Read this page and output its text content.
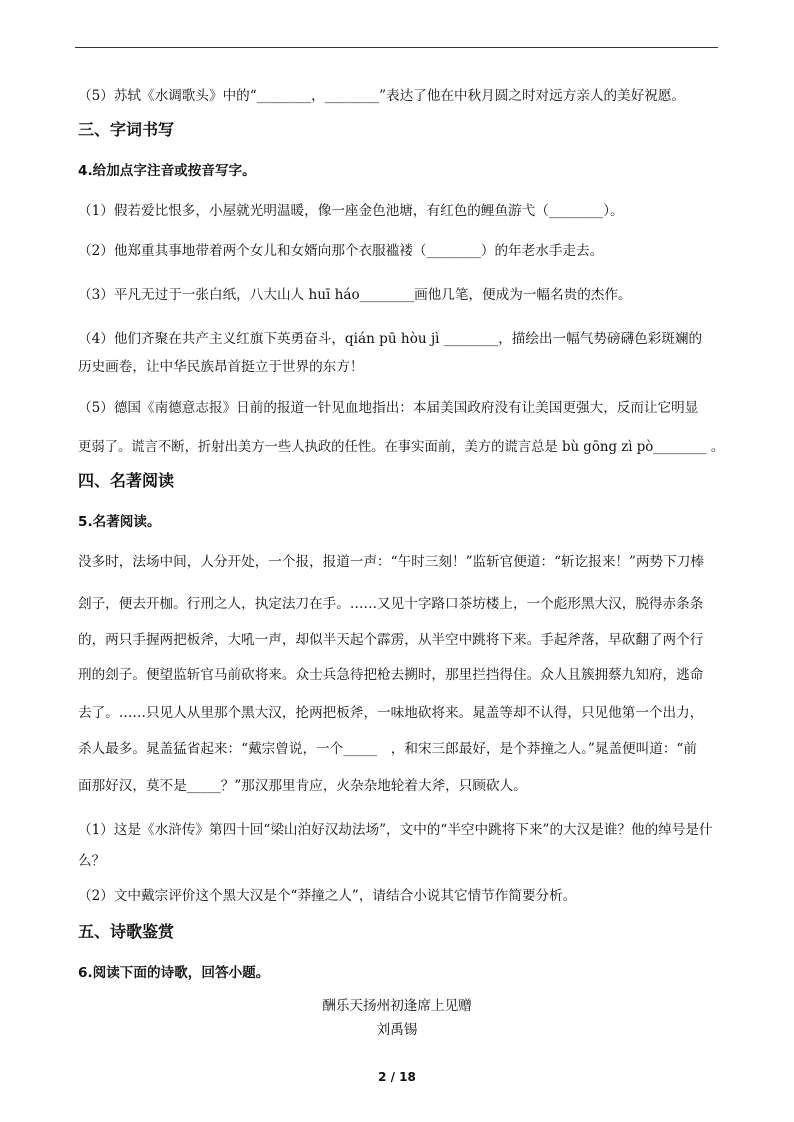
（5）苏轼《水调歌头》中的“________，________”表达了他在中秋月圆之时对远方亲人的美好祝愿。
三、字词书写
4.给加点字注音或按音写字。
（1）假若爱比恨多，小屋就光明温暖，像一座金色池塘，有红色的鲤鱼游弋（________）。
（2）他郑重其事地带着两个女儿和女婿向那个衣服褴褛（________）的年老水手走去。
（3）平凡无过于一张白纸，八大山人 huī háo________画他几笔，便成为一幅名贵的杰作。
（4）他们齐聚在共产主义红旗下英勇奋斗，qián pū hòu jì ________，描绘出一幅气势磅礴色彩斑斓的
历史画卷，让中华民族昂首挺立于世界的东方！
（5）德国《南德意志报》日前的报道一针见血地指出：本届美国政府没有让美国更强大，反而让它明显
更弱了。谎言不断，折射出美方一些人执政的任性。在事实面前，美方的谎言总是 bù gōng zì pò________ 。
四、名著阅读
5.名著阅读。
没多时，法场中间，人分开处，一个报，报道一声：“午时三刻！”监斩官便道：“斩讫报来！”两势下刀棒
刽子，便去开枷。行刑之人，执定法刀在手。……又见十字路口茶坊楼上，一个彪形黑大汉，脱得赤条条
的，两只手握两把板斧，大吼一声，却似半天起个霹雳，从半空中跳将下来。手起斧落，早砍翻了两个行
刑的刽子。便望监斩官马前砍将来。众士兵急待把枪去搠时，那里拦挡得住。众人且簇拥蔡九知府，逃命
去了。……只见人从里那个黑大汉，抡两把板斧，一味地砍将来。晁盖等却不认得，只见他第一个出力，
杀人最多。晁盖猛省起来：“戴宗曾说，一个_____　，和宋三郎最好，是个莽撞之人。”晁盖便叫道：“前
面那好汉，莫不是_____？”那汉那里肯应，火杂杂地轮着大斧，只顾砍人。
（1）这是《水浒传》第四十回“梁山泊好汉劫法场”，文中的“半空中跳将下来”的大汉是谁？他的绰号是什
么？
（2）文中戴宗评价这个黑大汉是个“莽撞之人”，请结合小说其它情节作简要分析。
五、诗歌鉴赏
6.阅读下面的诗歌，回答小题。
酬乐天扬州初逢席上见赠
刘禹锡
2 / 18
